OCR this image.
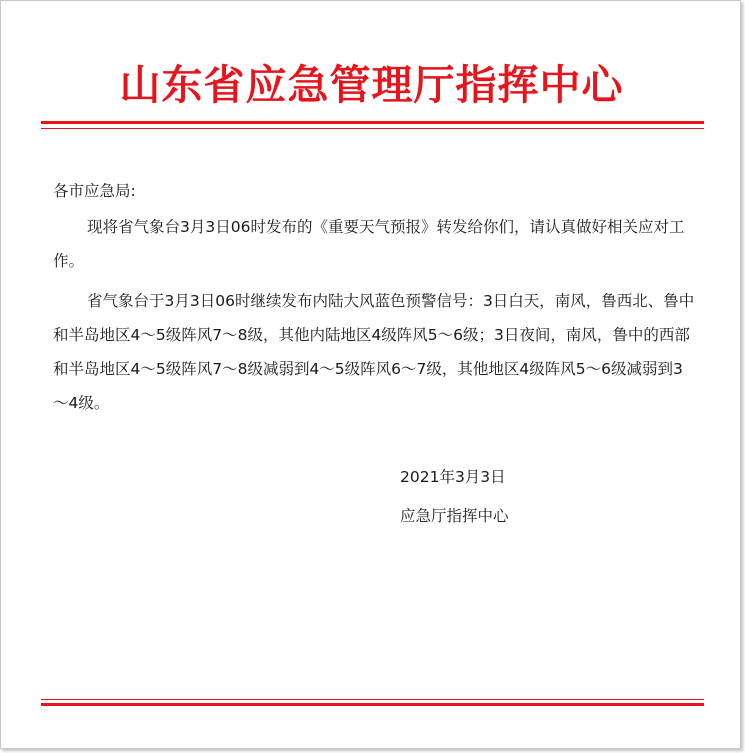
山东省应急管理厅指挥中心
各市应急局:
现将省气象台3月3日06时发布的《重要天气预报》转发给你们，请认真做好相关应对工作。
省气象台于3月3日06时继续发布内陆大风蓝色预警信号：3日白天，南风，鲁西北、鲁中和半岛地区4～5级阵风7～8级，其他内陆地区4级阵风5～6级；3日夜间，南风，鲁中的西部和半岛地区4～5级阵风7～8级减弱到4～5级阵风6～7级，其他地区4级阵风5～6级减弱到3～4级。
2021年3月3日
应急厅指挥中心
